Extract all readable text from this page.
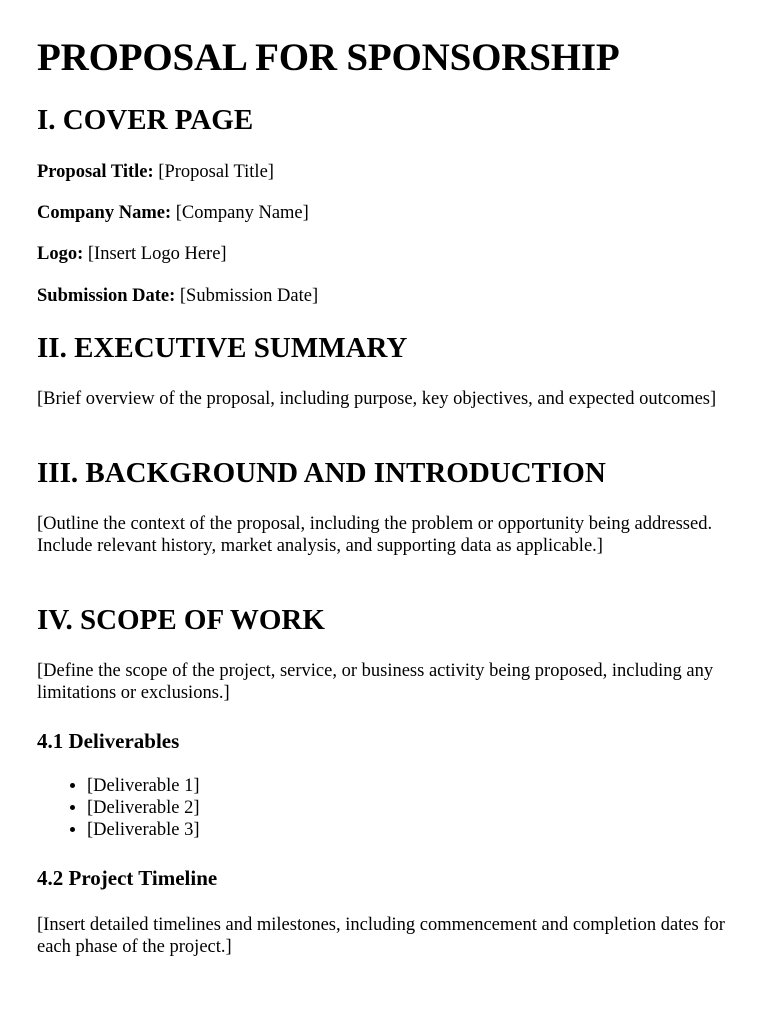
PROPOSAL FOR SPONSORSHIP
I. COVER PAGE

Proposal Title: [Proposal Title]

Company Name: [Company Name]

Logo: [Insert Logo Here]

Submission Date: [Submission Date]

II. EXECUTIVE SUMMARY

[Brief overview of the proposal, including purpose, key objectives, and expected outcomes]

III. BACKGROUND AND INTRODUCTION

[Outline the context of the proposal, including the problem or opportunity being addressed. Include relevant history, market analysis, and supporting data as applicable.]

IV. SCOPE OF WORK

[Define the scope of the project, service, or business activity being proposed, including any limitations or exclusions.]

4.1 Deliverables
• [Deliverable 1]
• [Deliverable 2]
• [Deliverable 3]
4.2 Project Timeline

[Insert detailed timelines and milestones, including commencement and completion dates for each phase of the project.]
